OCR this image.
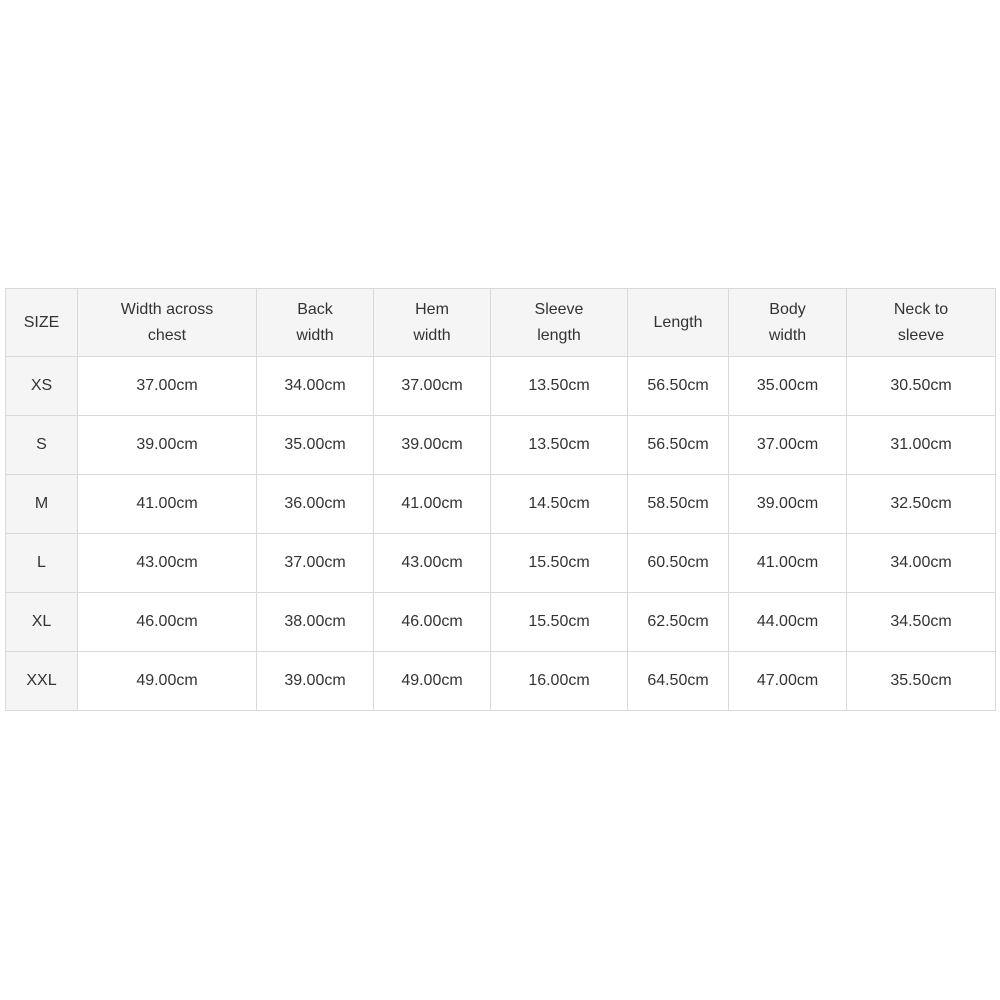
SIZE	Width across chest	Back width	Hem width	Sleeve length	Length	Body width	Neck to sleeve
XS	37.00cm	34.00cm	37.00cm	13.50cm	56.50cm	35.00cm	30.50cm
S	39.00cm	35.00cm	39.00cm	13.50cm	56.50cm	37.00cm	31.00cm
M	41.00cm	36.00cm	41.00cm	14.50cm	58.50cm	39.00cm	32.50cm
L	43.00cm	37.00cm	43.00cm	15.50cm	60.50cm	41.00cm	34.00cm
XL	46.00cm	38.00cm	46.00cm	15.50cm	62.50cm	44.00cm	34.50cm
XXL	49.00cm	39.00cm	49.00cm	16.00cm	64.50cm	47.00cm	35.50cm
